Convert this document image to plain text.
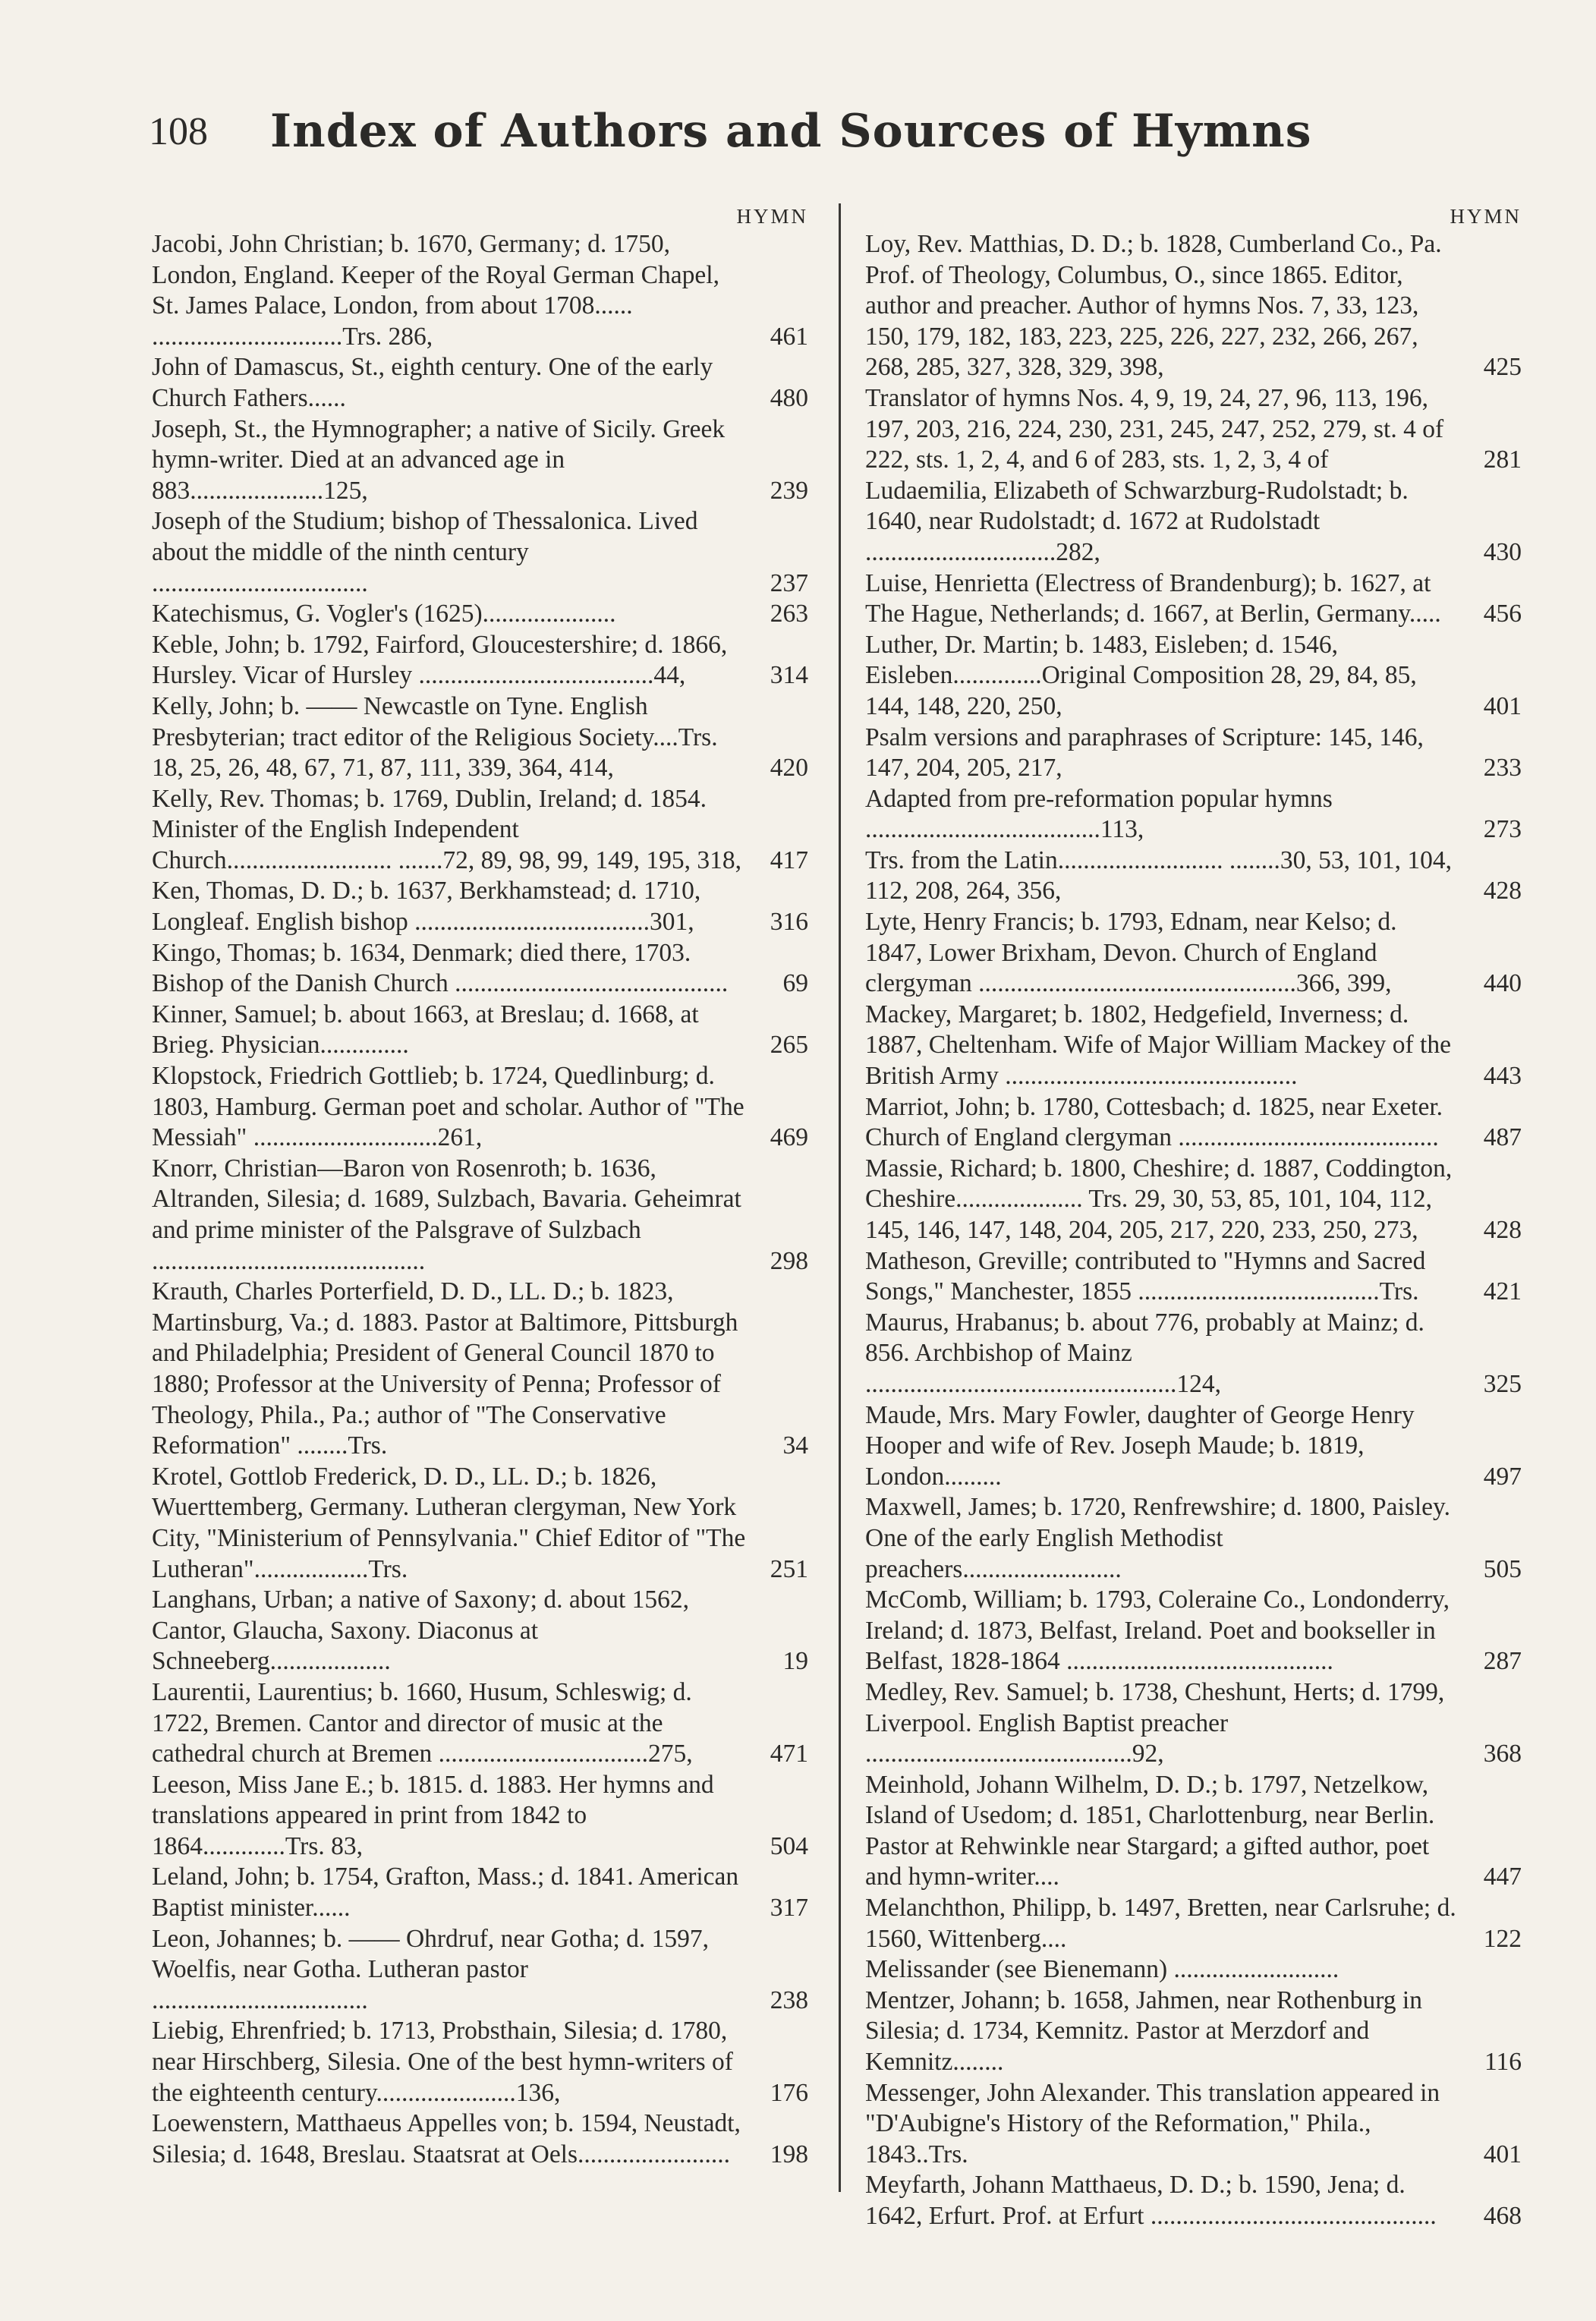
108 Index of Authors and Sources of Hymns
HYMN
Jacobi, John Christian; b. 1670, Germany; d. 1750, London, England. Keeper of the Royal German Chapel, St. James Palace, London, from about 1708...... ..............................Trs. 286,	461
John of Damascus, St., eighth century. One of the early Church Fathers......	480
Joseph, St., the Hymnographer; a native of Sicily. Greek hymn-writer. Died at an advanced age in 883.....................125,	239
Joseph of the Studium; bishop of Thessalonica. Lived about the middle of the ninth century ..................................	237
Katechismus, G. Vogler's (1625).....................	263
Keble, John; b. 1792, Fairford, Gloucestershire; d. 1866, Hursley. Vicar of Hursley .....................................44,	314
Kelly, John; b. —— Newcastle on Tyne. English Presbyterian; tract editor of the Religious Society....Trs. 18, 25, 26, 48, 67, 71, 87, 111, 339, 364, 414,	420
Kelly, Rev. Thomas; b. 1769, Dublin, Ireland; d. 1854. Minister of the English Independent Church.......................... .......72, 89, 98, 99, 149, 195, 318,	417
Ken, Thomas, D. D.; b. 1637, Berkhamstead; d. 1710, Longleaf. English bishop .....................................301,	316
Kingo, Thomas; b. 1634, Denmark; died there, 1703. Bishop of the Danish Church ...........................................	69
Kinner, Samuel; b. about 1663, at Breslau; d. 1668, at Brieg. Physician..............	265
Klopstock, Friedrich Gottlieb; b. 1724, Quedlinburg; d. 1803, Hamburg. German poet and scholar. Author of "The Messiah" .............................261,	469
Knorr, Christian—Baron von Rosenroth; b. 1636, Altranden, Silesia; d. 1689, Sulzbach, Bavaria. Geheimrat and prime minister of the Palsgrave of Sulzbach ...........................................	298
Krauth, Charles Porterfield, D. D., LL. D.; b. 1823, Martinsburg, Va.; d. 1883. Pastor at Baltimore, Pittsburgh and Philadelphia; President of General Council 1870 to 1880; Professor at the University of Penna; Professor of Theology, Phila., Pa.; author of "The Conservative Reformation" ........Trs.	34
Krotel, Gottlob Frederick, D. D., LL. D.; b. 1826, Wuerttemberg, Germany. Lutheran clergyman, New York City, "Ministerium of Pennsylvania." Chief Editor of "The Lutheran"..................Trs.	251
Langhans, Urban; a native of Saxony; d. about 1562, Cantor, Glaucha, Saxony. Diaconus at Schneeberg...................	19
Laurentii, Laurentius; b. 1660, Husum, Schleswig; d. 1722, Bremen. Cantor and director of music at the cathedral church at Bremen .................................275,	471
Leeson, Miss Jane E.; b. 1815. d. 1883. Her hymns and translations appeared in print from 1842 to 1864.............Trs. 83,	504
Leland, John; b. 1754, Grafton, Mass.; d. 1841. American Baptist minister......	317
Leon, Johannes; b. —— Ohrdruf, near Gotha; d. 1597, Woelfis, near Gotha. Lutheran pastor ..................................	238
Liebig, Ehrenfried; b. 1713, Probsthain, Silesia; d. 1780, near Hirschberg, Silesia. One of the best hymn-writers of the eighteenth century......................136,	176
Loewenstern, Matthaeus Appelles von; b. 1594, Neustadt, Silesia; d. 1648, Breslau. Staatsrat at Oels........................	198
HYMN
Loy, Rev. Matthias, D. D.; b. 1828, Cumberland Co., Pa. Prof. of Theology, Columbus, O., since 1865. Editor, author and preacher. Author of hymns Nos. 7, 33, 123, 150, 179, 182, 183, 223, 225, 226, 227, 232, 266, 267, 268, 285, 327, 328, 329, 398,	425
Translator of hymns Nos. 4, 9, 19, 24, 27, 96, 113, 196, 197, 203, 216, 224, 230, 231, 245, 247, 252, 279, st. 4 of 222, sts. 1, 2, 4, and 6 of 283, sts. 1, 2, 3, 4 of	281
Ludaemilia, Elizabeth of Schwarzburg-Rudolstadt; b. 1640, near Rudolstadt; d. 1672 at Rudolstadt ..............................282,	430
Luise, Henrietta (Electress of Brandenburg); b. 1627, at The Hague, Netherlands; d. 1667, at Berlin, Germany.....	456
Luther, Dr. Martin; b. 1483, Eisleben; d. 1546, Eisleben..............Original Composition 28, 29, 84, 85, 144, 148, 220, 250,	401
Psalm versions and paraphrases of Scripture: 145, 146, 147, 204, 205, 217,	233
Adapted from pre-reformation popular hymns .....................................113,	273
Trs. from the Latin.......................... ........30, 53, 101, 104, 112, 208, 264, 356,	428
Lyte, Henry Francis; b. 1793, Ednam, near Kelso; d. 1847, Lower Brixham, Devon. Church of England clergyman ..................................................366, 399,	440
Mackey, Margaret; b. 1802, Hedgefield, Inverness; d. 1887, Cheltenham. Wife of Major William Mackey of the British Army ..............................................	443
Marriot, John; b. 1780, Cottesbach; d. 1825, near Exeter. Church of England clergyman .........................................	487
Massie, Richard; b. 1800, Cheshire; d. 1887, Coddington, Cheshire.................... Trs. 29, 30, 53, 85, 101, 104, 112, 145, 146, 147, 148, 204, 205, 217, 220, 233, 250, 273,	428
Matheson, Greville; contributed to "Hymns and Sacred Songs," Manchester, 1855 ......................................Trs.	421
Maurus, Hrabanus; b. about 776, probably at Mainz; d. 856. Archbishop of Mainz .................................................124,	325
Maude, Mrs. Mary Fowler, daughter of George Henry Hooper and wife of Rev. Joseph Maude; b. 1819, London.........	497
Maxwell, James; b. 1720, Renfrewshire; d. 1800, Paisley. One of the early English Methodist preachers.........................	505
McComb, William; b. 1793, Coleraine Co., Londonderry, Ireland; d. 1873, Belfast, Ireland. Poet and bookseller in Belfast, 1828-1864 ..........................................	287
Medley, Rev. Samuel; b. 1738, Cheshunt, Herts; d. 1799, Liverpool. English Baptist preacher ..........................................92,	368
Meinhold, Johann Wilhelm, D. D.; b. 1797, Netzelkow, Island of Usedom; d. 1851, Charlottenburg, near Berlin. Pastor at Rehwinkle near Stargard; a gifted author, poet and hymn-writer....	447
Melanchthon, Philipp, b. 1497, Bretten, near Carlsruhe; d. 1560, Wittenberg....	122
Melissander (see Bienemann) ..........................
Mentzer, Johann; b. 1658, Jahmen, near Rothenburg in Silesia; d. 1734, Kemnitz. Pastor at Merzdorf and Kemnitz........	116
Messenger, John Alexander. This translation appeared in "D'Aubigne's History of the Reformation," Phila., 1843..Trs.	401
Meyfarth, Johann Matthaeus, D. D.; b. 1590, Jena; d. 1642, Erfurt. Prof. at Erfurt .............................................	468
